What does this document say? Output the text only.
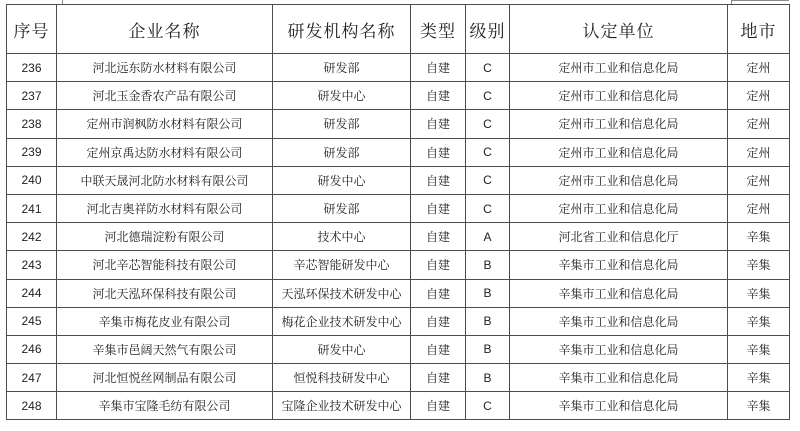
序号	企业名称	研发机构名称	类型	级别	认定单位	地市
236	河北远东防水材料有限公司	研发部	自建	C	定州市工业和信息化局	定州
237	河北玉金香农产品有限公司	研发中心	自建	C	定州市工业和信息化局	定州
238	定州市润枫防水材料有限公司	研发部	自建	C	定州市工业和信息化局	定州
239	定州京禹达防水材料有限公司	研发部	自建	C	定州市工业和信息化局	定州
240	中联天晟河北防水材料有限公司	研发中心	自建	C	定州市工业和信息化局	定州
241	河北吉奥祥防水材料有限公司	研发部	自建	C	定州市工业和信息化局	定州
242	河北德瑞淀粉有限公司	技术中心	自建	A	河北省工业和信息化厅	辛集
243	河北辛芯智能科技有限公司	辛芯智能研发中心	自建	B	辛集市工业和信息化局	辛集
244	河北天泓环保科技有限公司	天泓环保技术研发中心	自建	B	辛集市工业和信息化局	辛集
245	辛集市梅花皮业有限公司	梅花企业技术研发中心	自建	B	辛集市工业和信息化局	辛集
246	辛集市邑阔天然气有限公司	研发中心	自建	B	辛集市工业和信息化局	辛集
247	河北恒悦丝网制品有限公司	恒悦科技研发中心	自建	B	辛集市工业和信息化局	辛集
248	辛集市宝隆毛纺有限公司	宝隆企业技术研发中心	自建	C	辛集市工业和信息化局	辛集
